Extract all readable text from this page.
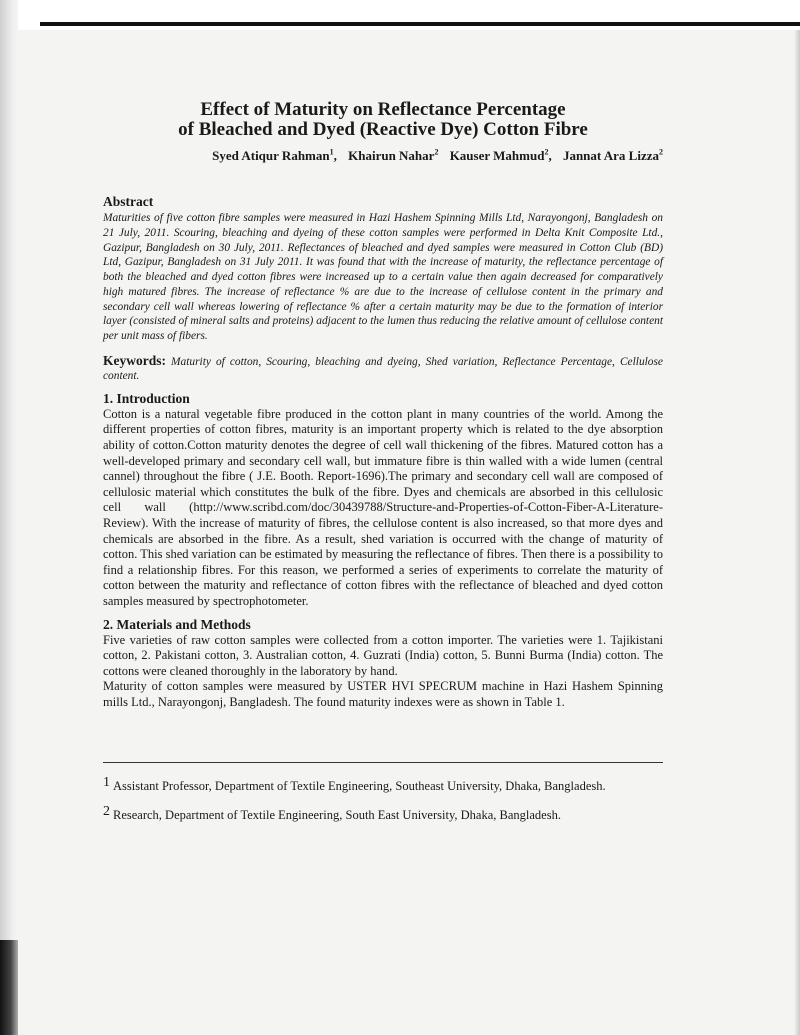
Effect of Maturity on Reflectance Percentage
of Bleached and Dyed (Reactive Dye) Cotton Fibre
Syed Atiqur Rahman$^1$, Khairun Nahar$^2$ Kauser Mahmud$^2$, Jannat Ara Lizza$^2$
Abstract

Maturities of five cotton fibre samples were measured in Hazi Hashem Spinning Mills Ltd, Narayongonj, Bangladesh on 21 July, 2011. Scouring, bleaching and dyeing of these cotton samples were performed in Delta Knit Composite Ltd., Gazipur, Bangladesh on 30 July, 2011. Reflectances of bleached and dyed samples were measured in Cotton Club (BD) Ltd, Gazipur, Bangladesh on 31 July 2011. It was found that with the increase of maturity, the reflectance percentage of both the bleached and dyed cotton fibres were increased up to a certain value then again decreased for comparatively high matured fibres. The increase of reflectance % are due to the increase of cellulose content in the primary and secondary cell wall whereas lowering of reflectance % after a certain maturity may be due to the formation of interior layer (consisted of mineral salts and proteins) adjacent to the lumen thus reducing the relative amount of cellulose content per unit mass of fibers.

Keywords: Maturity of cotton, Scouring, bleaching and dyeing, Shed variation, Reflectance Percentage, Cellulose content.
1. Introduction

Cotton is a natural vegetable fibre produced in the cotton plant in many countries of the world. Among the different properties of cotton fibres, maturity is an important property which is related to the dye absorption ability of cotton.Cotton maturity denotes the degree of cell wall thickening of the fibres. Matured cotton has a well-developed primary and secondary cell wall, but immature fibre is thin walled with a wide lumen (central cannel) throughout the fibre ( J.E. Booth. Report-1696).The primary and secondary cell wall are composed of cellulosic material which constitutes the bulk of the fibre. Dyes and chemicals are absorbed in this cellulosic cell wall (http://www.scribd.com/doc/30439788/Structure-and-Properties-of-Cotton-Fiber-A-Literature-Review). With the increase of maturity of fibres, the cellulose content is also increased, so that more dyes and chemicals are absorbed in the fibre. As a result, shed variation is occurred with the change of maturity of cotton. This shed variation can be estimated by measuring the reflectance of fibres. Then there is a possibility to find a relationship fibres. For this reason, we performed a series of experiments to correlate the maturity of cotton between the maturity and reflectance of cotton fibres with the reflectance of bleached and dyed cotton samples measured by spectrophotometer.

2. Materials and Methods

Five varieties of raw cotton samples were collected from a cotton importer. The varieties were 1. Tajikistani cotton, 2. Pakistani cotton, 3. Australian cotton, 4. Guzrati (India) cotton, 5. Bunni Burma (India) cotton. The cottons were cleaned thoroughly in the laboratory by hand.

Maturity of cotton samples were measured by USTER HVI SPECRUM machine in Hazi Hashem Spinning mills Ltd., Narayongonj, Bangladesh. The found maturity indexes were as shown in Table 1.

$^1$ Assistant Professor, Department of Textile Engineering, Southeast University, Dhaka, Bangladesh.
$^2$ Research, Department of Textile Engineering, South East University, Dhaka, Bangladesh.
